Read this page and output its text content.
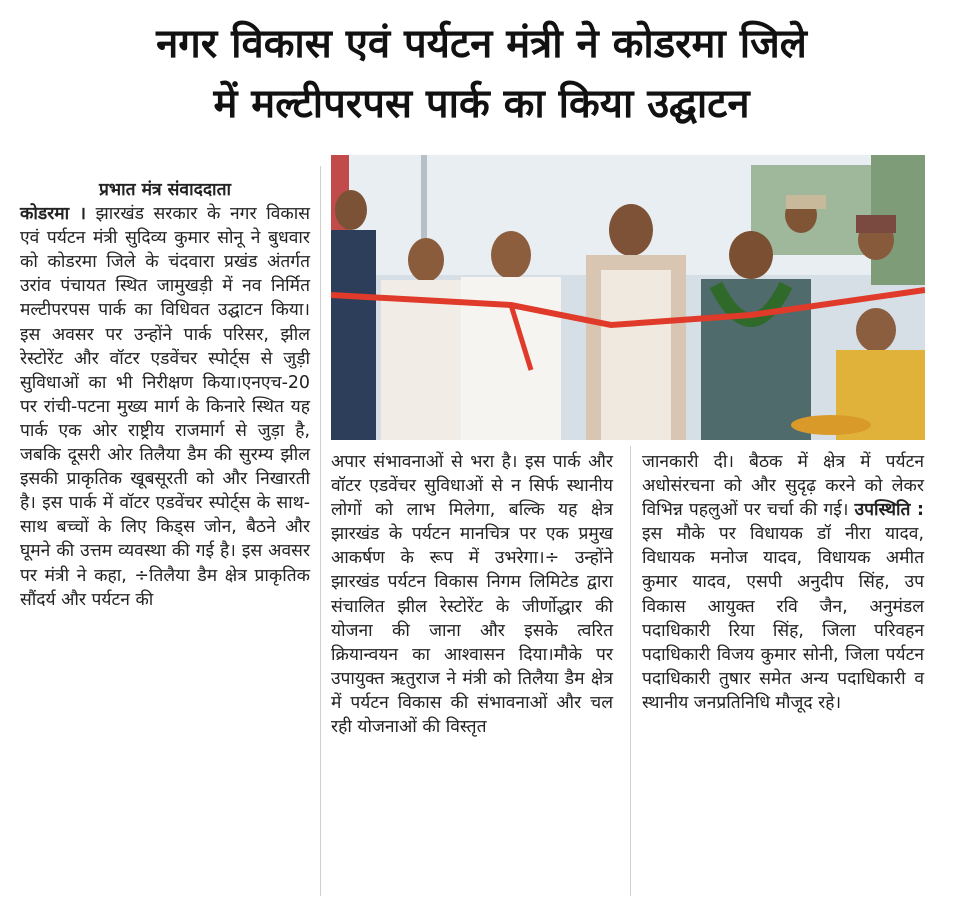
नगर विकास एवं पर्यटन मंत्री ने कोडरमा जिले
में मल्टीपरपस पार्क का किया उद्घाटन
प्रभात मंत्र संवाददाता
कोडरमा । झारखंड सरकार के नगर विकास एवं पर्यटन मंत्री सुदिव्य कुमार सोनू ने बुधवार को कोडरमा जिले के चंदवारा प्रखंड अंतर्गत उरांव पंचायत स्थित जामुखड़ी में नव निर्मित मल्टीपरपस पार्क का विधिवत उद्घाटन किया। इस अवसर पर उन्होंने पार्क परिसर, झील रेस्टोरेंट और वॉटर एडवेंचर स्पोर्ट्स से जुड़ी सुविधाओं का भी निरीक्षण किया।एनएच-20 पर रांची-पटना मुख्य मार्ग के किनारे स्थित यह पार्क एक ओर राष्ट्रीय राजमार्ग से जुड़ा है, जबकि दूसरी ओर तिलैया डैम की सुरम्य झील इसकी प्राकृतिक खूबसूरती को और निखारती है। इस पार्क में वॉटर एडवेंचर स्पोर्ट्स के साथ-साथ बच्चों के लिए किड्स जोन, बैठने और घूमने की उत्तम व्यवस्था की गई है। इस अवसर पर मंत्री ने कहा, ÷तिलैया डैम क्षेत्र प्राकृतिक सौंदर्य और पर्यटन की
अपार संभावनाओं से भरा है। इस पार्क और वॉटर एडवेंचर सुविधाओं से न सिर्फ स्थानीय लोगों को लाभ मिलेगा, बल्कि यह क्षेत्र झारखंड के पर्यटन मानचित्र पर एक प्रमुख आकर्षण के रूप में उभरेगा।÷ उन्होंने झारखंड पर्यटन विकास निगम लिमिटेड द्वारा संचालित झील रेस्टोरेंट के जीर्णोद्धार की योजना की जाना और इसके त्वरित क्रियान्वयन का आश्वासन दिया।मौके पर उपायुक्त ऋतुराज ने मंत्री को तिलैया डैम क्षेत्र में पर्यटन विकास की संभावनाओं और चल रही योजनाओं की विस्तृत
जानकारी दी। बैठक में क्षेत्र में पर्यटन अधोसंरचना को और सुदृढ़ करने को लेकर विभिन्न पहलुओं पर चर्चा की गई। उपस्थिति : इस मौके पर विधायक डॉ नीरा यादव, विधायक मनोज यादव, विधायक अमीत कुमार यादव, एसपी अनुदीप सिंह, उप विकास आयुक्त रवि जैन, अनुमंडल पदाधिकारी रिया सिंह, जिला परिवहन पदाधिकारी विजय कुमार सोनी, जिला पर्यटन पदाधिकारी तुषार समेत अन्य पदाधिकारी व स्थानीय जनप्रतिनिधि मौजूद रहे।
